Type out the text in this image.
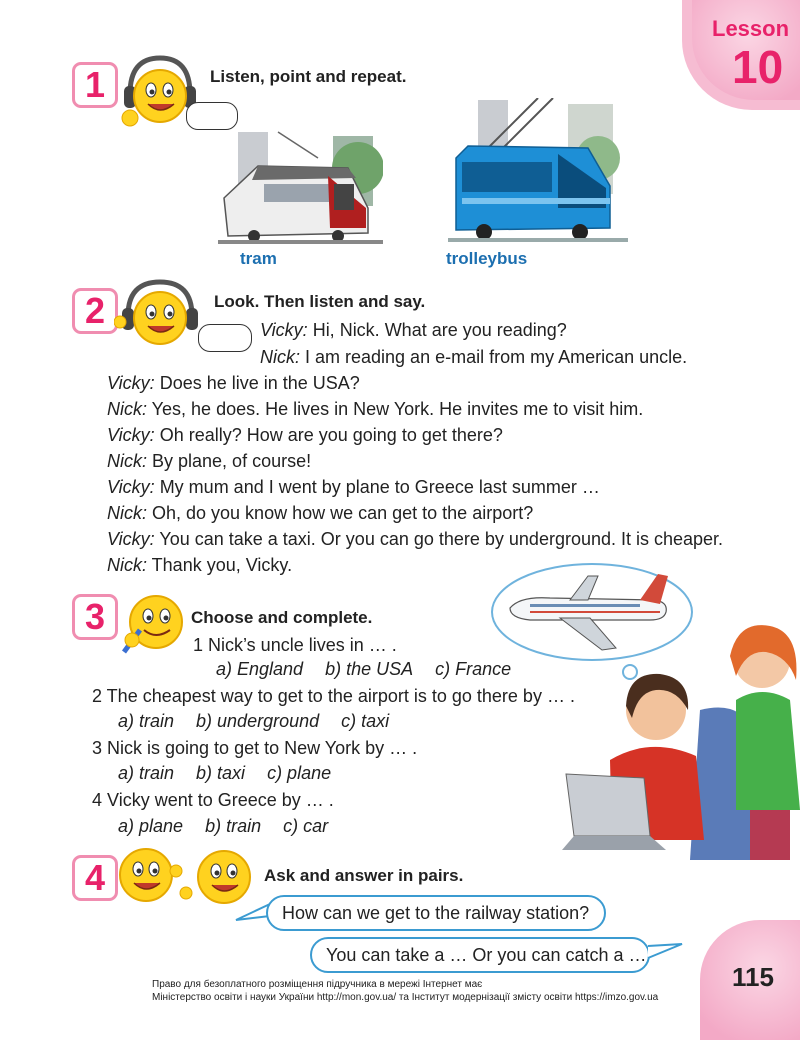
Lesson
10
1	Listen, point and repeat.
tram	trolleybus
2	Look. Then listen and say.
Vicky: Hi, Nick. What are you reading?
Nick: I am reading an e-mail from my American uncle.
Vicky: Does he live in the USA?
Nick: Yes, he does. He lives in New York. He invites me to visit him.
Vicky: Oh really? How are you going to get there?
Nick: By plane, of course!
Vicky: My mum and I went by plane to Greece last summer …
Nick: Oh, do you know how we can get to the airport?
Vicky: You can take a taxi. Or you can go there by underground. It is cheaper.
Nick: Thank you, Vicky.
3	Choose and complete.
1 Nick’s uncle lives in … .
a) England b) the USA c) France
2 The cheapest way to get to the airport is to go there by … .
a) train b) underground c) taxi
3 Nick is going to get to New York by … .
a) train b) taxi c) plane
4 Vicky went to Greece by … .
a) plane b) train c) car
4	Ask and answer in pairs.
How can we get to the railway station?
You can take a … Or you can catch a …
115
Право для безоплатного розміщення підручника в мережі Інтернет має
Міністерство освіти і науки України http://mon.gov.ua/ та Інститут модернізації змісту освіти https://imzo.gov.ua
